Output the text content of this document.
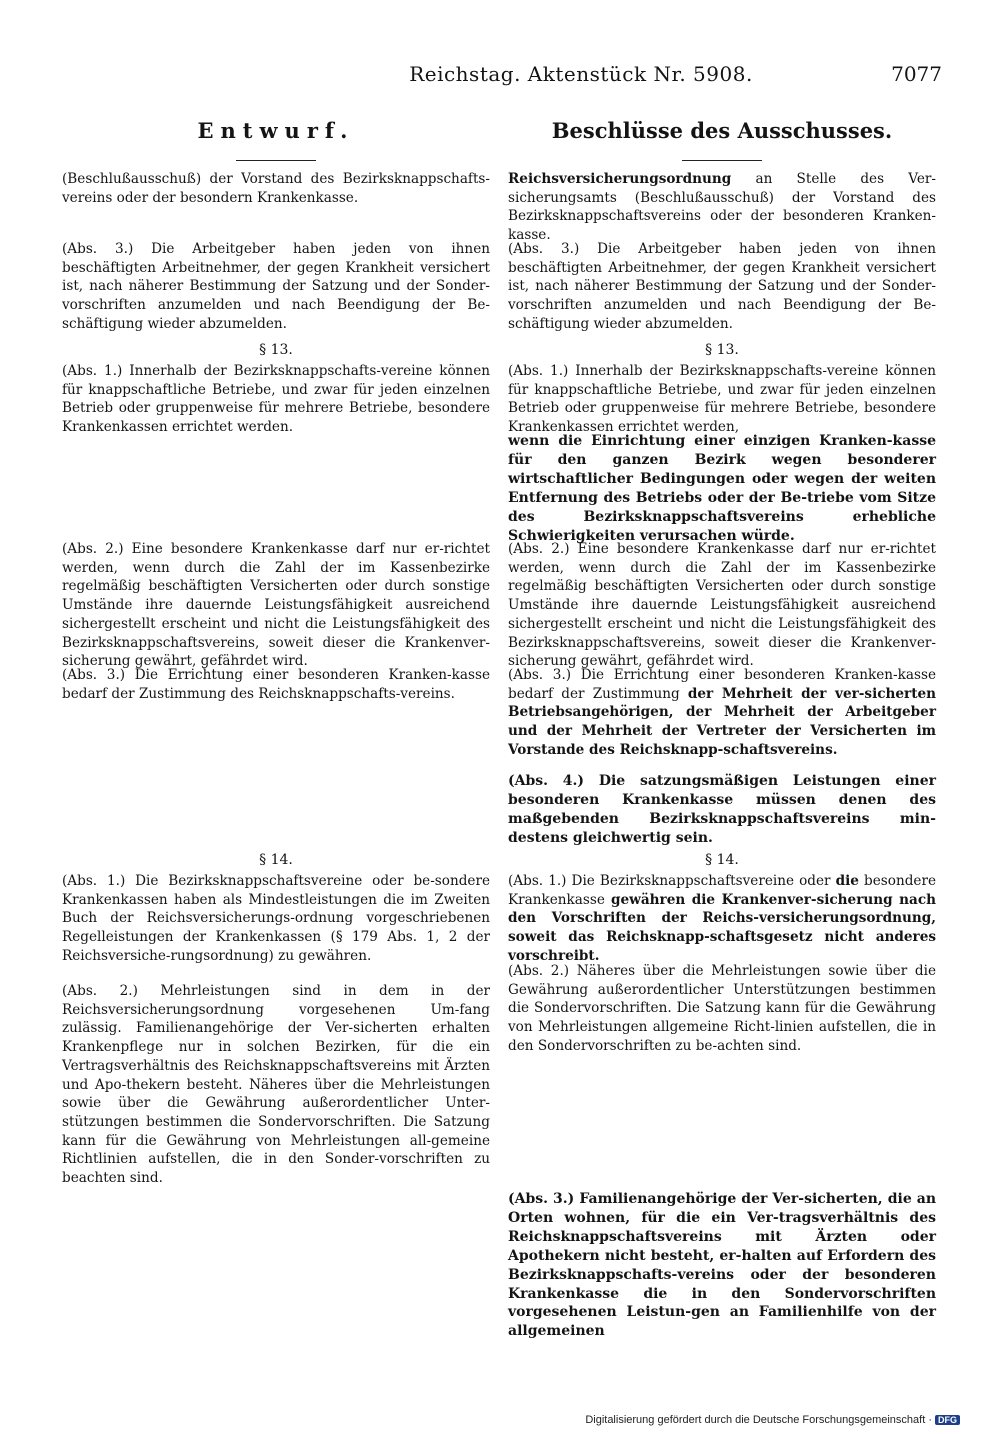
Reichstag. Aktenstück Nr. 5908.	7077
Entwurf.

(Beschlußausschuß) der Vorstand des Bezirksknappschafts-vereins oder der besondern Krankenkasse.

(Abs. 3.) Die Arbeitgeber haben jeden von ihnen beschäftigten Arbeitnehmer, der gegen Krankheit versichert ist, nach näherer Bestimmung der Satzung und der Sonder-vorschriften anzumelden und nach Beendigung der Be-schäftigung wieder abzumelden.

§ 13.

(Abs. 1.) Innerhalb der Bezirksknappschafts-vereine können für knappschaftliche Betriebe, und zwar für jeden einzelnen Betrieb oder gruppenweise für mehrere Betriebe, besondere Krankenkassen errichtet werden.

(Abs. 2.) Eine besondere Krankenkasse darf nur er-richtet werden, wenn durch die Zahl der im Kassenbezirke regelmäßig beschäftigten Versicherten oder durch sonstige Umstände ihre dauernde Leistungsfähigkeit ausreichend sichergestellt erscheint und nicht die Leistungsfähigkeit des Bezirksknappschaftsvereins, soweit dieser die Krankenver-sicherung gewährt, gefährdet wird.

(Abs. 3.) Die Errichtung einer besonderen Kranken-kasse bedarf der Zustimmung des Reichsknappschafts-vereins.

§ 14.

(Abs. 1.) Die Bezirksknappschaftsvereine oder be-sondere Krankenkassen haben als Mindestleistungen die im Zweiten Buch der Reichsversicherungs-ordnung vorgeschriebenen Regelleistungen der Krankenkassen (§ 179 Abs. 1, 2 der Reichsversiche-rungsordnung) zu gewähren.

(Abs. 2.) Mehrleistungen sind in dem in der Reichsversicherungsordnung vorgesehenen Um-fang zulässig. Familienangehörige der Ver-sicherten erhalten Krankenpflege nur in solchen Bezirken, für die ein Vertragsverhältnis des Reichsknappschaftsvereins mit Ärzten und Apo-thekern besteht. Näheres über die Mehrleistungen sowie über die Gewährung außerordentlicher Unter-stützungen bestimmen die Sondervorschriften. Die Satzung kann für die Gewährung von Mehrleistungen all-gemeine Richtlinien aufstellen, die in den Sonder-vorschriften zu beachten sind.

Beschlüsse des Ausschusses.

Reichsversicherungsordnung an Stelle des Ver-sicherungsamts (Beschlußausschuß) der Vorstand des Bezirksknappschaftsvereins oder der besonderen Kranken-kasse.

(Abs. 3.) Die Arbeitgeber haben jeden von ihnen beschäftigten Arbeitnehmer, der gegen Krankheit versichert ist, nach näherer Bestimmung der Satzung und der Sonder-vorschriften anzumelden und nach Beendigung der Be-schäftigung wieder abzumelden.

§ 13.

(Abs. 1.) Innerhalb der Bezirksknappschafts-vereine können für knappschaftliche Betriebe, und zwar für jeden einzelnen Betrieb oder gruppenweise für mehrere Betriebe, besondere Krankenkassen errichtet werden,

wenn die Einrichtung einer einzigen Kranken-kasse für den ganzen Bezirk wegen besonderer wirtschaftlicher Bedingungen oder wegen der weiten Entfernung des Betriebs oder der Be-triebe vom Sitze des Bezirksknappschaftsvereins erhebliche Schwierigkeiten verursachen würde.

(Abs. 2.) Eine besondere Krankenkasse darf nur er-richtet werden, wenn durch die Zahl der im Kassenbezirke regelmäßig beschäftigten Versicherten oder durch sonstige Umstände ihre dauernde Leistungsfähigkeit ausreichend sichergestellt erscheint und nicht die Leistungsfähigkeit des Bezirksknappschaftsvereins, soweit dieser die Krankenver-sicherung gewährt, gefährdet wird.

(Abs. 3.) Die Errichtung einer besonderen Kranken-kasse bedarf der Zustimmung der Mehrheit der ver-sicherten Betriebsangehörigen, der Mehrheit der Arbeitgeber und der Mehrheit der Vertreter der Versicherten im Vorstande des Reichsknapp-schaftsvereins.

(Abs. 4.) Die satzungsmäßigen Leistungen einer besonderen Krankenkasse müssen denen des maßgebenden Bezirksknappschaftsvereins min-destens gleichwertig sein.

§ 14.

(Abs. 1.) Die Bezirksknappschaftsvereine oder die besondere Krankenkasse gewähren die Krankenver-sicherung nach den Vorschriften der Reichs-versicherungsordnung, soweit das Reichsknapp-schaftsgesetz nicht anderes vorschreibt.

(Abs. 2.) Näheres über die Mehrleistungen sowie über die Gewährung außerordentlicher Unterstützungen bestimmen die Sondervorschriften. Die Satzung kann für die Gewährung von Mehrleistungen allgemeine Richt-linien aufstellen, die in den Sondervorschriften zu be-achten sind.

(Abs. 3.) Familienangehörige der Ver-sicherten, die an Orten wohnen, für die ein Ver-tragsverhältnis des Reichsknappschaftsvereins mit Ärzten oder Apothekern nicht besteht, er-halten auf Erfordern des Bezirksknappschafts-vereins oder der besonderen Krankenkasse die in den Sondervorschriften vorgesehenen Leistun-gen an Familienhilfe von der allgemeinen

Digitalisierung gefördert durch die Deutsche Forschungsgemeinschaft · DFG
